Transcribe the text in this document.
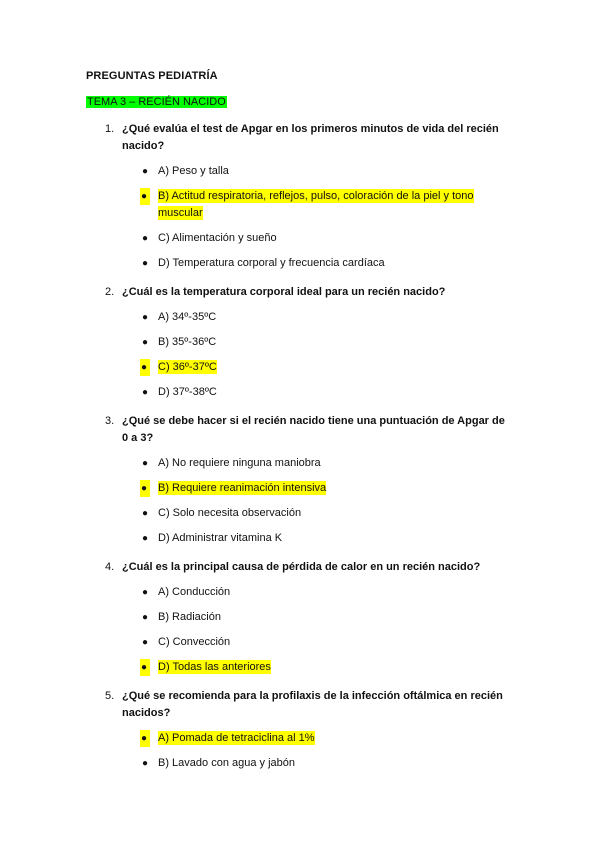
PREGUNTAS PEDIATRÍA
TEMA 3 – RECIÉN NACIDO
1. ¿Qué evalúa el test de Apgar en los primeros minutos de vida del recién nacido?
● A) Peso y talla
● B) Actitud respiratoria, reflejos, pulso, coloración de la piel y tono muscular
● C) Alimentación y sueño
● D) Temperatura corporal y frecuencia cardíaca
2. ¿Cuál es la temperatura corporal ideal para un recién nacido?
● A) 34º-35ºC
● B) 35º-36ºC
● C) 36º-37ºC
● D) 37º-38ºC
3. ¿Qué se debe hacer si el recién nacido tiene una puntuación de Apgar de 0 a 3?
● A) No requiere ninguna maniobra
● B) Requiere reanimación intensiva
● C) Solo necesita observación
● D) Administrar vitamina K
4. ¿Cuál es la principal causa de pérdida de calor en un recién nacido?
● A) Conducción
● B) Radiación
● C) Convección
● D) Todas las anteriores
5. ¿Qué se recomienda para la profilaxis de la infección oftálmica en recién nacidos?
● A) Pomada de tetraciclina al 1%
● B) Lavado con agua y jabón
